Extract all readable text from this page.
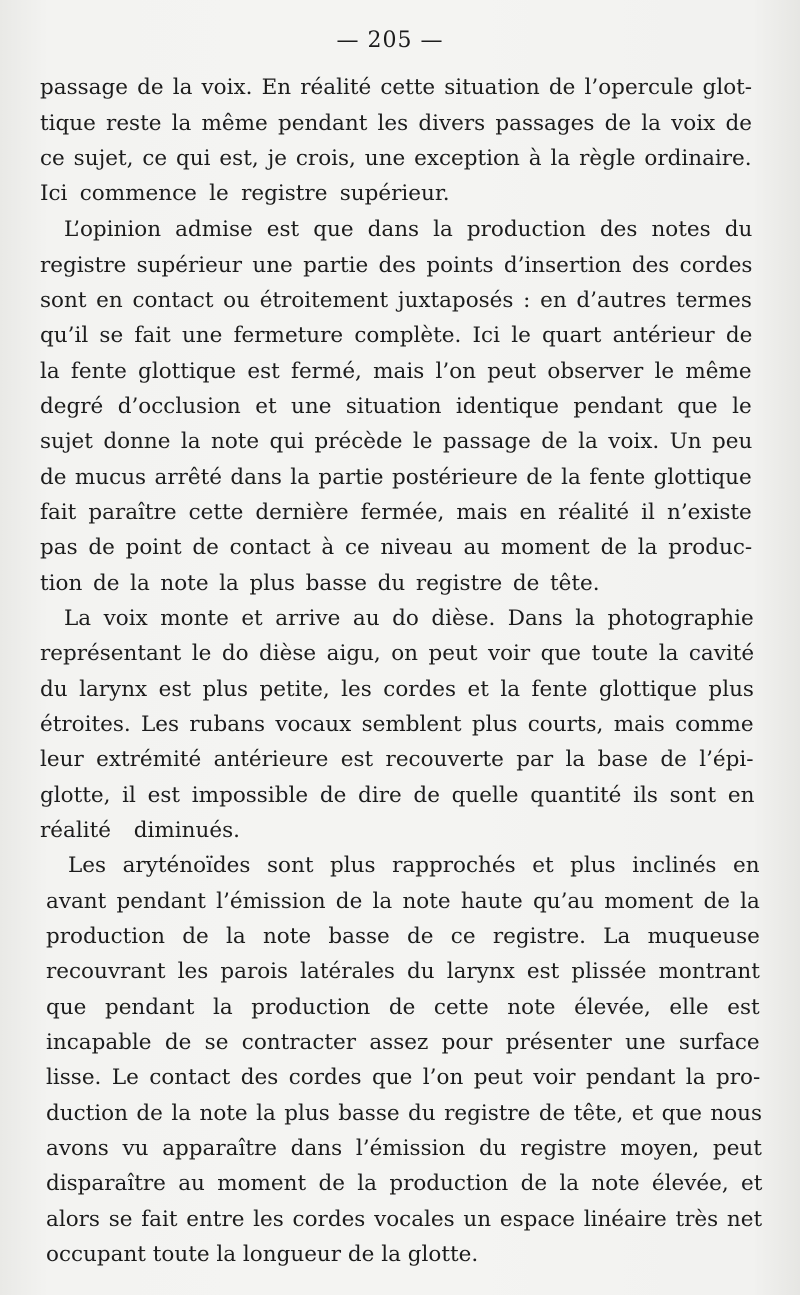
— 205 —
passage de la voix. En réalité cette situation de l’opercule glot-
tique reste la même pendant les divers passages de la voix de
ce sujet, ce qui est, je crois, une exception à la règle ordinaire.
Ici commence le registre supérieur.
L’opinion admise est que dans la production des notes du
registre supérieur une partie des points d’insertion des cordes
sont en contact ou étroitement juxtaposés : en d’autres termes
qu’il se fait une fermeture complète. Ici le quart antérieur de
la fente glottique est fermé, mais l’on peut observer le même
degré d’occlusion et une situation identique pendant que le
sujet donne la note qui précède le passage de la voix. Un peu
de mucus arrêté dans la partie postérieure de la fente glottique
fait paraître cette dernière fermée, mais en réalité il n’existe
pas de point de contact à ce niveau au moment de la produc-
tion de la note la plus basse du registre de tête.
La voix monte et arrive au do dièse. Dans la photographie
représentant le do dièse aigu, on peut voir que toute la cavité
du larynx est plus petite, les cordes et la fente glottique plus
étroites. Les rubans vocaux semblent plus courts, mais comme
leur extrémité antérieure est recouverte par la base de l’épi-
glotte, il est impossible de dire de quelle quantité ils sont en
réalité diminués.
Les aryténoïdes sont plus rapprochés et plus inclinés en
avant pendant l’émission de la note haute qu’au moment de la
production de la note basse de ce registre. La muqueuse
recouvrant les parois latérales du larynx est plissée montrant
que pendant la production de cette note élevée, elle est
incapable de se contracter assez pour présenter une surface
lisse. Le contact des cordes que l’on peut voir pendant la pro-
duction de la note la plus basse du registre de tête, et que nous
avons vu apparaître dans l’émission du registre moyen, peut
disparaître au moment de la production de la note élevée, et
alors se fait entre les cordes vocales un espace linéaire très net
occupant toute la longueur de la glotte.
